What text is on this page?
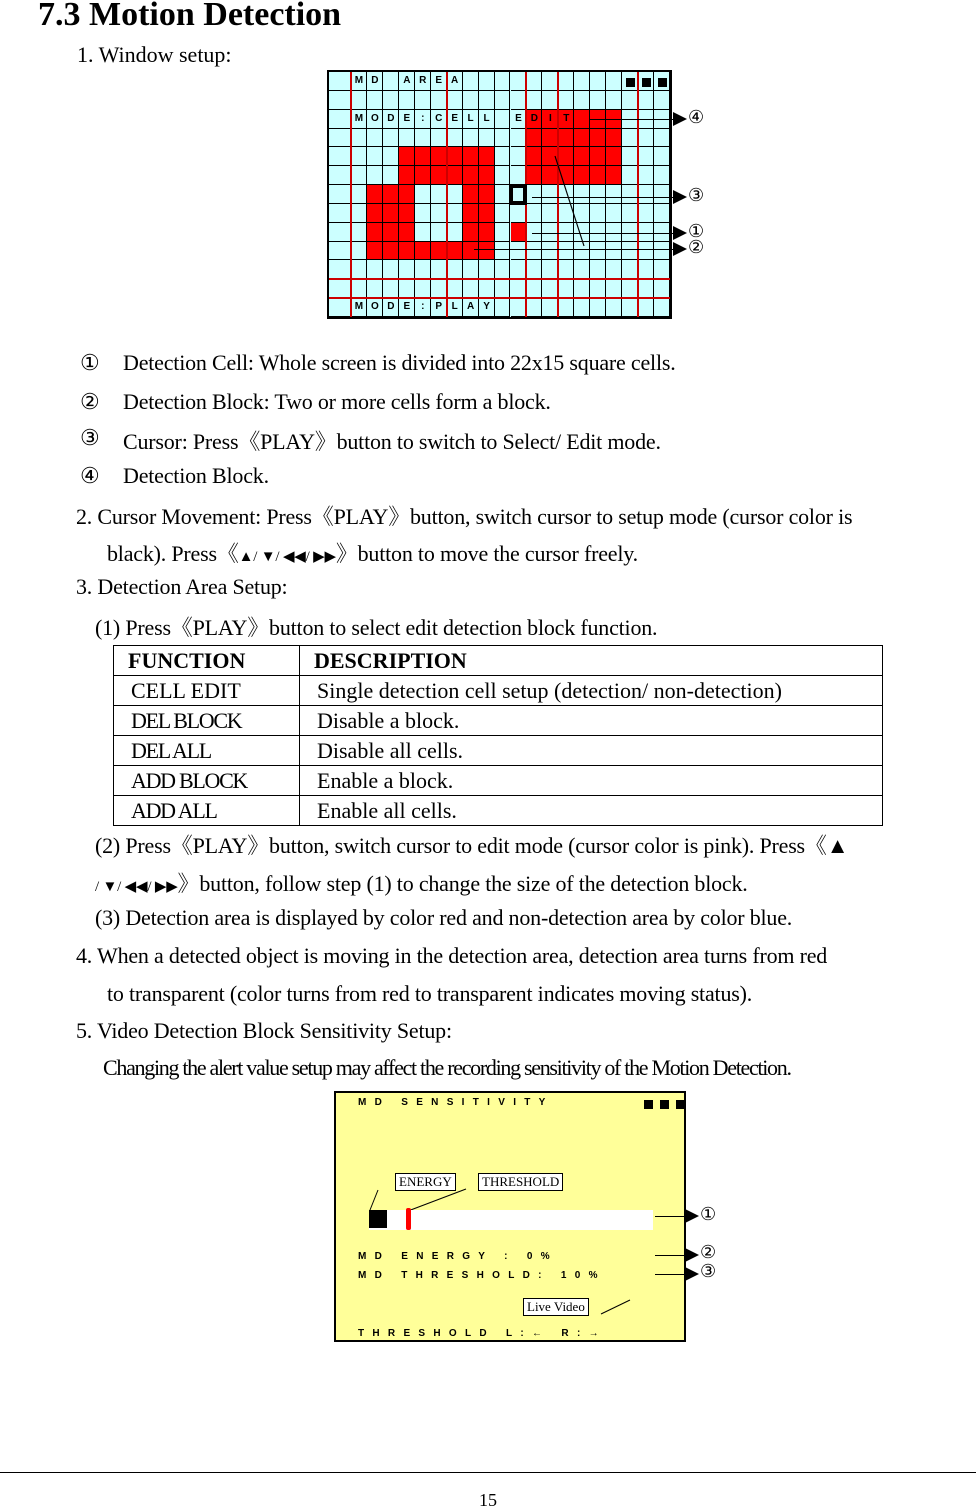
7.3 Motion Detection
1. Window setup:
M D	A R E A
M O D E	:	C E L L	E D	I	T
M O D E	:	P L A Y
④
③
①
②
① Detection Cell: Whole screen is divided into 22x15 square cells.
② Detection Block: Two or more cells form a block.
③ Cursor: Press《PLAY》button to switch to Select/ Edit mode.
④ Detection Block.
2. Cursor Movement: Press《PLAY》button, switch cursor to setup mode (cursor color is
black). Press《▲/ ▼/ ◀◀/ ▶▶》button to move the cursor freely.
3. Detection Area Setup:
(1) Press《PLAY》button to select edit detection block function.
FUNCTION	DESCRIPTION
CELL EDIT	Single detection cell setup (detection/ non-detection)
DEL BLOCK	Disable a block.
DEL ALL	Disable all cells.
ADD BLOCK	Enable a block.
ADD ALL	Enable all cells.
(2) Press《PLAY》button, switch cursor to edit mode (cursor color is pink). Press《▲
/ ▼/ ◀◀/ ▶▶》button, follow step (1) to change the size of the detection block.
(3) Detection area is displayed by color red and non-detection area by color blue.
4. When a detected object is moving in the detection area, detection area turns from red
to transparent (color turns from red to transparent indicates moving status).
5. Video Detection Block Sensitivity Setup:
Changing the alert value setup may affect the recording sensitivity of the Motion Detection.
MD SENSITIVITY
ENERGY	THRESHOLD
MD ENERGY : 0%
MD THRESHOLD: 10%
Live Video
THRESHOLD L:← R:→
①
②
③
15
